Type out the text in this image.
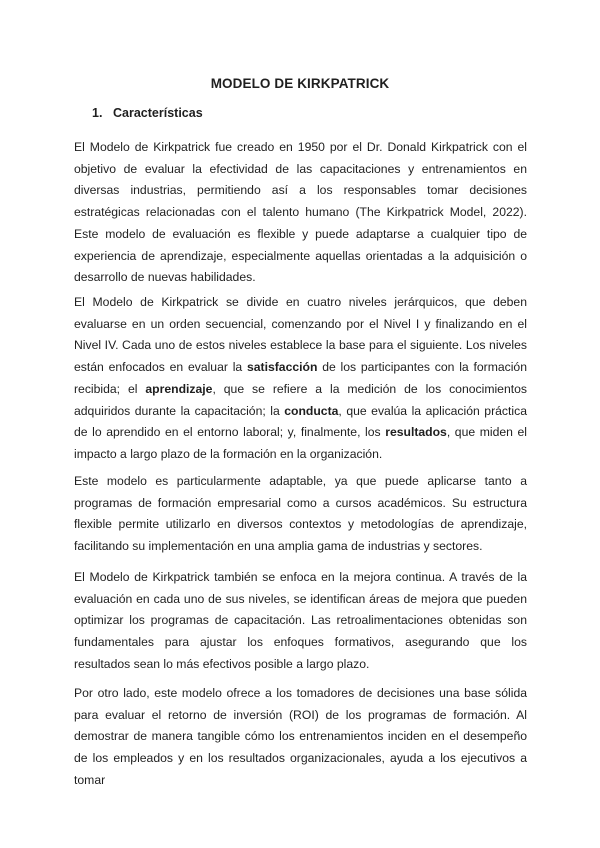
MODELO DE KIRKPATRICK
1. Características

El Modelo de Kirkpatrick fue creado en 1950 por el Dr. Donald Kirkpatrick con el objetivo de evaluar la efectividad de las capacitaciones y entrenamientos en diversas industrias, permitiendo así a los responsables tomar decisiones estratégicas relacionadas con el talento humano (The Kirkpatrick Model, 2022). Este modelo de evaluación es flexible y puede adaptarse a cualquier tipo de experiencia de aprendizaje, especialmente aquellas orientadas a la adquisición o desarrollo de nuevas habilidades.

El Modelo de Kirkpatrick se divide en cuatro niveles jerárquicos, que deben evaluarse en un orden secuencial, comenzando por el Nivel I y finalizando en el Nivel IV. Cada uno de estos niveles establece la base para el siguiente. Los niveles están enfocados en evaluar la satisfacción de los participantes con la formación recibida; el aprendizaje, que se refiere a la medición de los conocimientos adquiridos durante la capacitación; la conducta, que evalúa la aplicación práctica de lo aprendido en el entorno laboral; y, finalmente, los resultados, que miden el impacto a largo plazo de la formación en la organización.

Este modelo es particularmente adaptable, ya que puede aplicarse tanto a programas de formación empresarial como a cursos académicos. Su estructura flexible permite utilizarlo en diversos contextos y metodologías de aprendizaje, facilitando su implementación en una amplia gama de industrias y sectores.

El Modelo de Kirkpatrick también se enfoca en la mejora continua. A través de la evaluación en cada uno de sus niveles, se identifican áreas de mejora que pueden optimizar los programas de capacitación. Las retroalimentaciones obtenidas son fundamentales para ajustar los enfoques formativos, asegurando que los resultados sean lo más efectivos posible a largo plazo.

Por otro lado, este modelo ofrece a los tomadores de decisiones una base sólida para evaluar el retorno de inversión (ROI) de los programas de formación. Al demostrar de manera tangible cómo los entrenamientos inciden en el desempeño de los empleados y en los resultados organizacionales, ayuda a los ejecutivos a tomar
